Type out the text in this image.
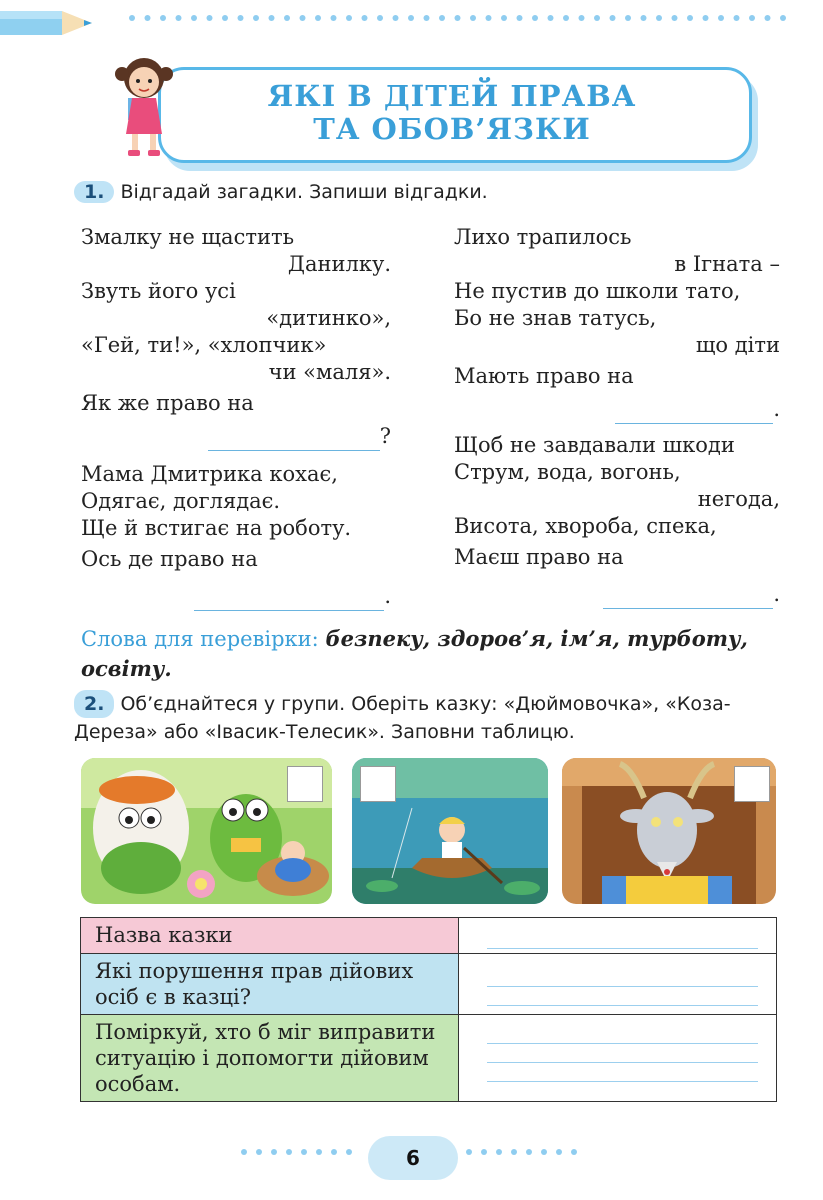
ЯКІ В ДІТЕЙ ПРАВА
ТА ОБОВ’ЯЗКИ
1. Відгадай загадки. Запиши відгадки.
Змалку не щастить
Данилку.
Звуть його усі
«дитинко»,
«Гей, ти!», «хлопчик»
чи «маля».
Як же право на
?
Мама Дмитрика кохає,
Одягає, доглядає.
Ще й встигає на роботу.
Ось де право на
.
Лихо трапилось
в Ігната –
Не пустив до школи тато,
Бо не знав татусь,
що діти
Мають право на
.
Щоб не завдавали шкоди
Струм, вода, вогонь,
негода,
Висота, хвороба, спека,
Маєш право на
.
Слова для перевірки: безпеку, здоров’я, ім’я, турботу, освіту.
2. Об’єднайтеся у групи. Оберіть казку: «Дюймовочка», «Коза-Дереза» або «Івасик-Телесик». Заповни таблицю.
Назва казки	

Які порушення прав дійових осіб є в казці?	

Поміркуй, хто б міг виправити ситуацію і допомогти дійовим особам.	
6
